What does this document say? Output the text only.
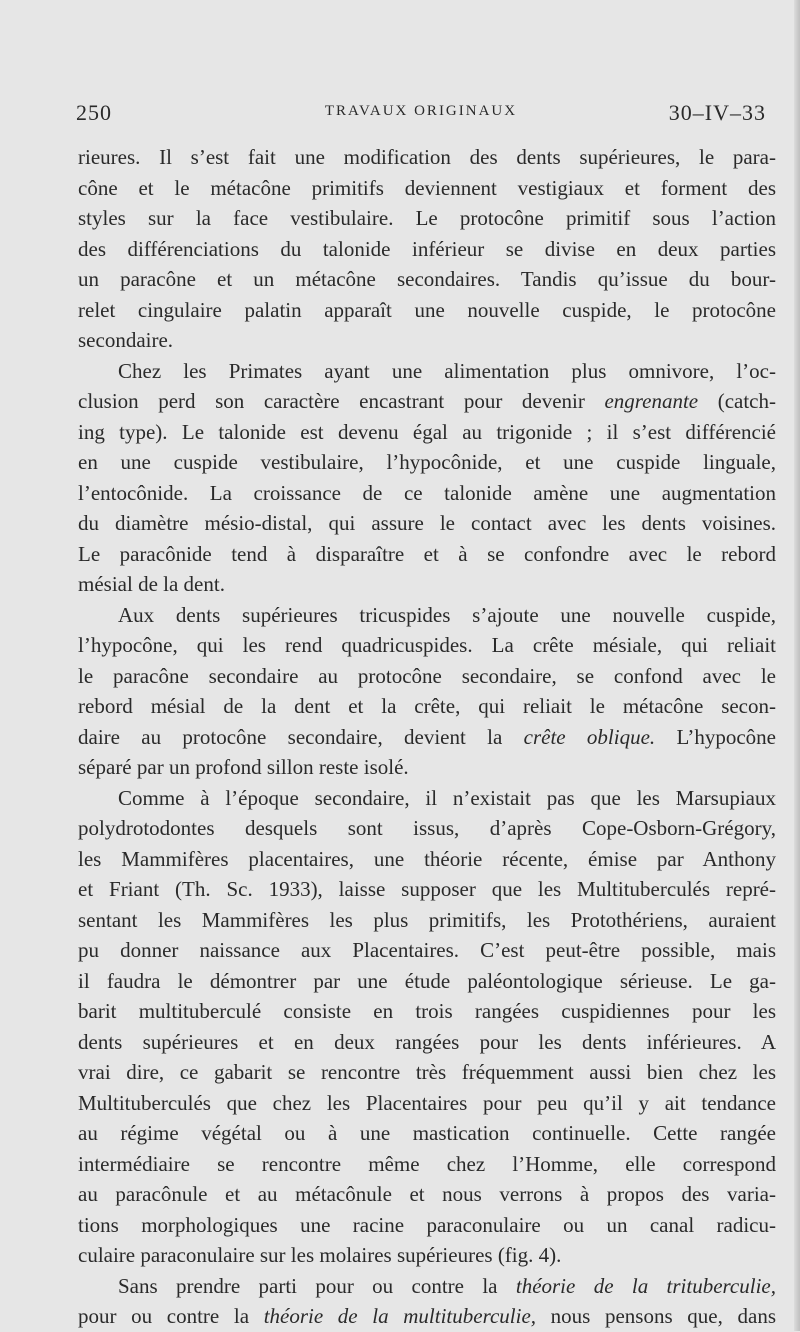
250	TRAVAUX ORIGINAUX	30–IV–33
rieures. Il s’est fait une modification des dents supérieures, le para-
cône et le métacône primitifs deviennent vestigiaux et forment des
styles sur la face vestibulaire. Le protocône primitif sous l’action
des différenciations du talonide inférieur se divise en deux parties
un paracône et un métacône secondaires. Tandis qu’issue du bour-
relet cingulaire palatin apparaît une nouvelle cuspide, le protocône
secondaire.
Chez les Primates ayant une alimentation plus omnivore, l’oc-
clusion perd son caractère encastrant pour devenir engrenante (catch-
ing type). Le talonide est devenu égal au trigonide ; il s’est différencié
en une cuspide vestibulaire, l’hypocônide, et une cuspide linguale,
l’entocônide. La croissance de ce talonide amène une augmentation
du diamètre mésio-distal, qui assure le contact avec les dents voisines.
Le paracônide tend à disparaître et à se confondre avec le rebord
mésial de la dent.
Aux dents supérieures tricuspides s’ajoute une nouvelle cuspide,
l’hypocône, qui les rend quadricuspides. La crête mésiale, qui reliait
le paracône secondaire au protocône secondaire, se confond avec le
rebord mésial de la dent et la crête, qui reliait le métacône secon-
daire au protocône secondaire, devient la crête oblique. L’hypocône
séparé par un profond sillon reste isolé.
Comme à l’époque secondaire, il n’existait pas que les Marsupiaux
polydrotodontes desquels sont issus, d’après Cope-Osborn-Grégory,
les Mammifères placentaires, une théorie récente, émise par Anthony
et Friant (Th. Sc. 1933), laisse supposer que les Multituberculés repré-
sentant les Mammifères les plus primitifs, les Protothériens, auraient
pu donner naissance aux Placentaires. C’est peut-être possible, mais
il faudra le démontrer par une étude paléontologique sérieuse. Le ga-
barit multituberculé consiste en trois rangées cuspidiennes pour les
dents supérieures et en deux rangées pour les dents inférieures. A
vrai dire, ce gabarit se rencontre très fréquemment aussi bien chez les
Multituberculés que chez les Placentaires pour peu qu’il y ait tendance
au régime végétal ou à une mastication continuelle. Cette rangée
intermédiaire se rencontre même chez l’Homme, elle correspond
au paracônule et au métacônule et nous verrons à propos des varia-
tions morphologiques une racine paraconulaire ou un canal radicu-
culaire paraconulaire sur les molaires supérieures (fig. 4).
Sans prendre parti pour ou contre la théorie de la trituberculie,
pour ou contre la théorie de la multituberculie, nous pensons que, dans
